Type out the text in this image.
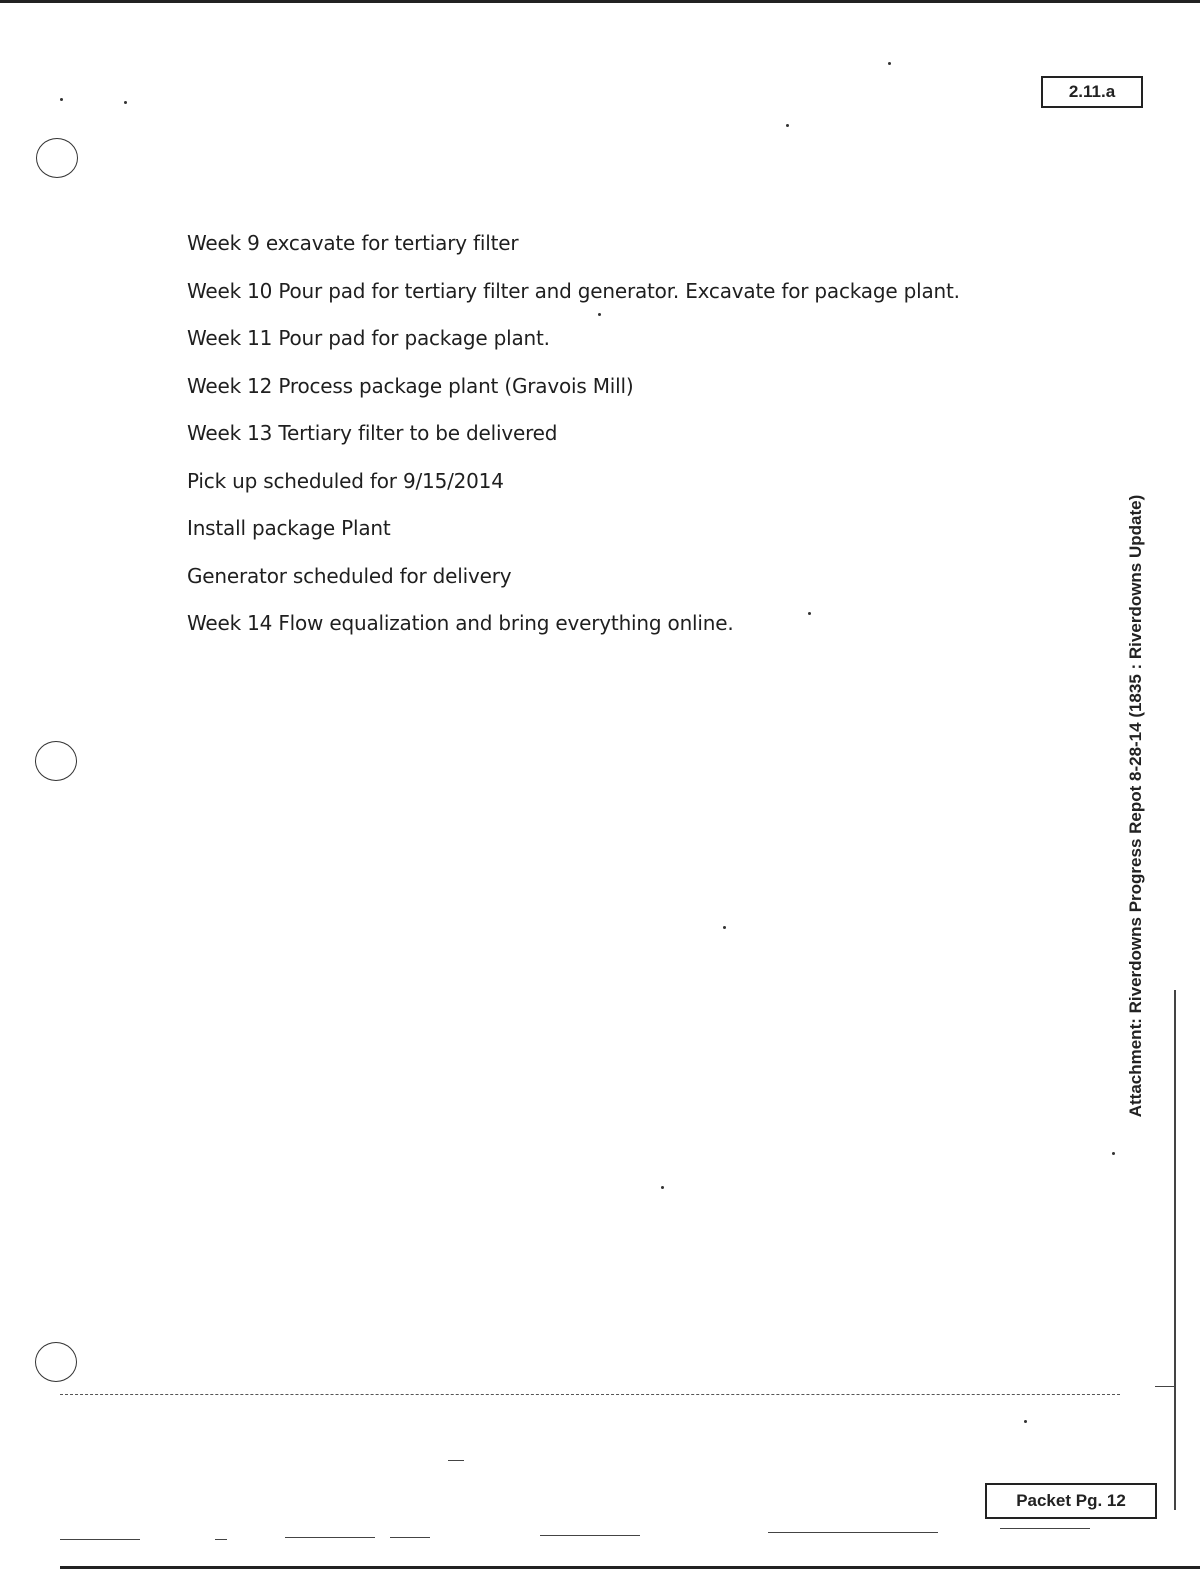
2.11.a
Week 9 excavate for tertiary filter
Week 10 Pour pad for tertiary filter and generator. Excavate for package plant.
Week 11 Pour pad for package plant.
Week 12 Process package plant (Gravois Mill)
Week 13 Tertiary filter to be delivered
Pick up scheduled for 9/15/2014
Install package Plant
Generator scheduled for delivery
Week 14 Flow equalization and bring everything online.	Attachment: Riverdowns Progress Repot 8-28-14 (1835 : Riverdowns Update)
Packet Pg. 12
